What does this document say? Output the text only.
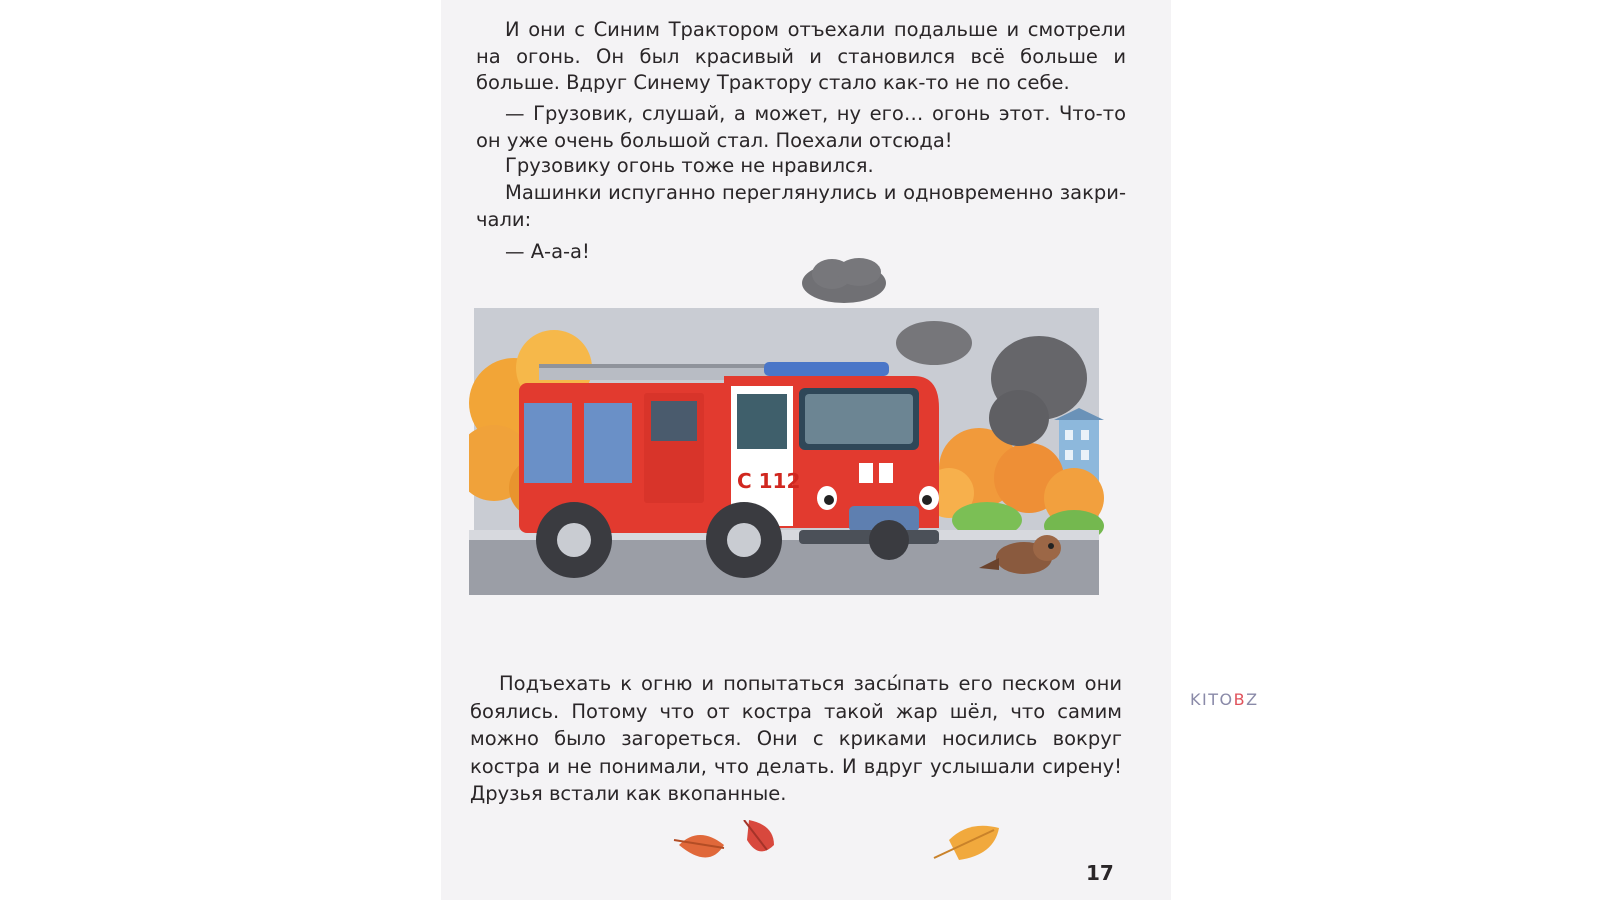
И они с Синим Трактором отъехали подальше и смотрели на огонь. Он был красивый и становился всё больше и больше. Вдруг Синему Трактору стало как-то не по себе.

— Грузовик, слушай, а может, ну его… огонь этот. Что-то он уже очень большой стал. Поехали отсюда!

Грузовику огонь тоже не нравился.

Машинки испуганно переглянулись и одновременно закричали:

— А-а-а!

С 112

Подъехать к огню и попытаться засы́пать его песком они боялись. Потому что от костра такой жар шёл, что самим можно было загореться. Они с криками носились вокруг костра и не понимали, что делать. И вдруг услышали сирену! Друзья встали как вкопанные.

17
KITOBZ
